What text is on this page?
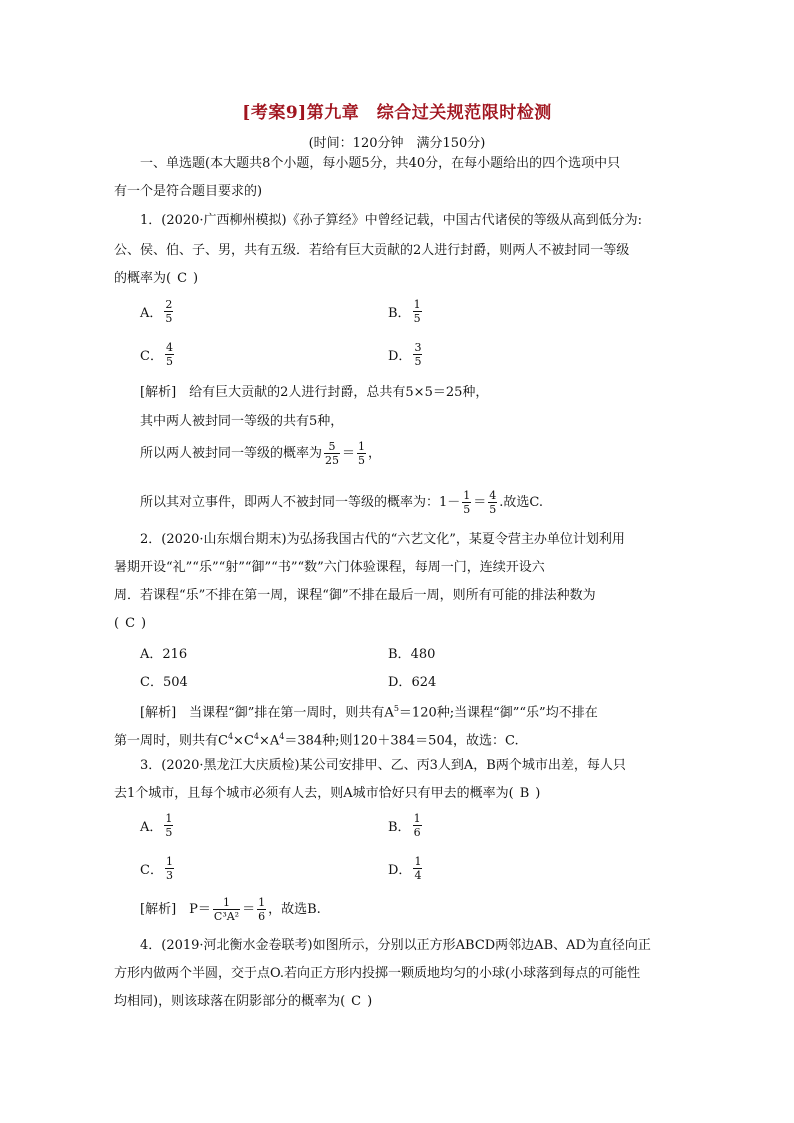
[考案9]第九章　综合过关规范限时检测
(时间：120分钟　满分150分)
一、单选题(本大题共8个小题，每小题5分，共40分，在每小题给出的四个选项中只
有一个是符合题目要求的)
1．(2020·广西柳州模拟)《孙子算经》中曾经记载，中国古代诸侯的等级从高到低分为:
公、侯、伯、子、男，共有五级．若给有巨大贡献的2人进行封爵，则两人不被封同一等级
的概率为( C )
A． $\frac{2}{5}$	B． $\frac{1}{5}$
C． $\frac{4}{5}$	D． $\frac{3}{5}$
[解析]　给有巨大贡献的2人进行封爵，总共有5×5＝25种，
其中两人被封同一等级的共有5种，
所以两人被封同一等级的概率为 $\frac{5}{25} = \frac{1}{5}$ ，
所以其对立事件，即两人不被封同一等级的概率为：$1- \frac{1}{5} = \frac{4}{5}$ .故选C.
2．(2020·山东烟台期末)为弘扬我国古代的“六艺文化”，某夏令营主办单位计划利用
暑期开设“礼”“乐”“射”“御”“书”“数”六门体验课程，每周一门，连续开设六
周．若课程“乐”不排在第一周，课程“御”不排在最后一周，则所有可能的排法种数为
( C )
A．216	B．480
C．504	D．624
[解析]　当课程“御”排在第一周时，则共有$A^5=120$种;当课程“御”“乐”均不排在
第一周时，则共有$C^4\times C^4\times A^4=384$种;则120＋384＝504，故选：C.
3．(2020·黑龙江大庆质检)某公司安排甲、乙、丙3人到A，B两个城市出差，每人只
去1个城市，且每个城市必须有人去，则A城市恰好只有甲去的概率为( B )
A． $\frac{1}{5}$	B． $\frac{1}{6}$
C． $\frac{1}{3}$	D． $\frac{1}{4}$
[解析]　$P= \frac{1}{\text{C³A²}} = \frac{1}{6}$ ，故选B.
4．(2019·河北衡水金卷联考)如图所示，分别以正方形ABCD两邻边AB、AD为直径向正
方形内做两个半圆，交于点O.若向正方形内投掷一颗质地均匀的小球(小球落到每点的可能性
均相同)，则该球落在阴影部分的概率为( C )
